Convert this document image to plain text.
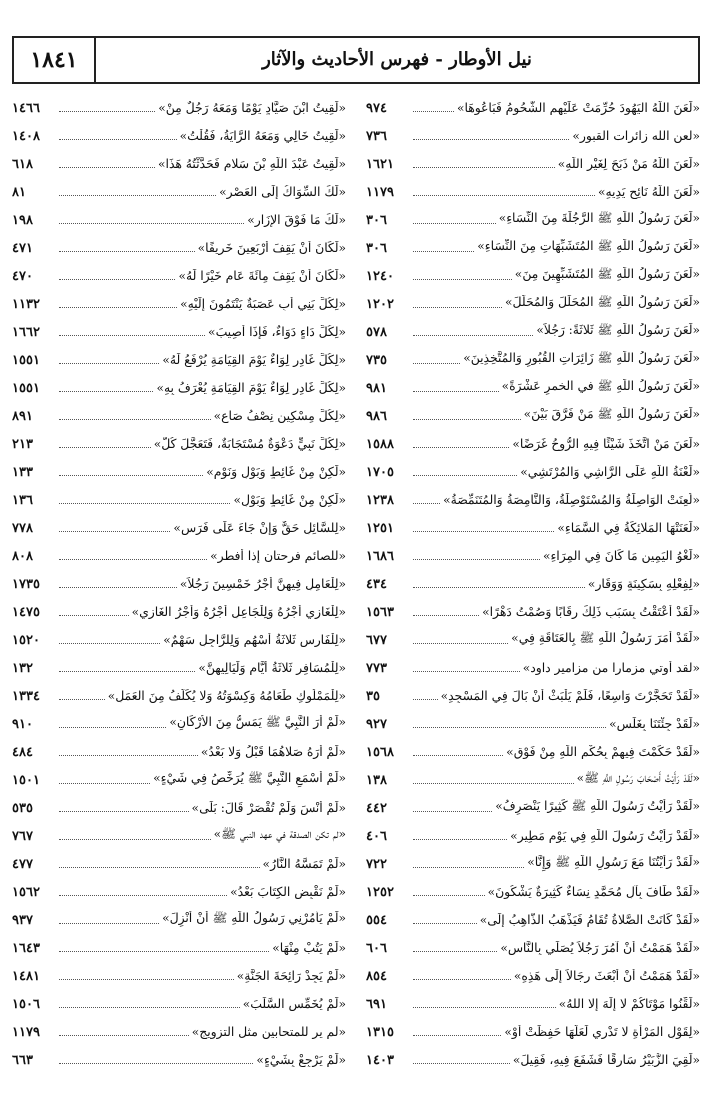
نيل الأوطار - فهرس الأحاديث والآثار
١٨٤١
«لَعَنَ اللَّهُ اليَهُودَ حُرِّمَتْ عَلَيْهِم الشُّحُومُ فَبَاعُوهَا»
٩٧٤
«لعن الله زائرات القبور»
٧٣٦
«لَعَنَ اللَّهُ مَنْ ذَبَحَ لِغَيْرِ اللَّهِ»
١٦٢١
«لَعَنَ اللَّهُ نَائِحٍ يَدِيهِ»
١١٧٩
«لَعَنَ رَسُولُ اللَّهِ ﷺ الرَّجُلَةَ مِنَ النِّسَاءِ»
٣٠٦
«لَعَنَ رَسُولُ اللَّهِ ﷺ المُتَشَبِّهَاتِ مِنَ النِّسَاءِ»
٣٠٦
«لَعَنَ رَسُولُ اللَّهِ ﷺ المُتَشَبِّهِينَ مِنَ»
١٢٤٠
«لَعَنَ رَسُولُ اللَّهِ ﷺ المُحَلِّلَ وَالمُحَلَّلَ»
١٢٠٢
«لَعَنَ رَسُولُ اللَّهِ ﷺ ثَلاثَةً: رَجُلاً»
٥٧٨
«لَعَنَ رَسُولُ اللَّهِ ﷺ زَائِرَاتِ القُبُورِ وَالمُتَّخِذِينَ»
٧٣٥
«لَعَنَ رَسُولُ اللَّهِ ﷺ في الخمرِ عَشْرَةً»
٩٨١
«لَعَنَ رَسُولُ اللَّهِ ﷺ مَنْ فَرَّقَ بَيْنَ»
٩٨٦
«لَعَنَ مَنْ اتَّخَذَ شَيْئًا فِيهِ الرُّوحُ غَرَضًا»
١٥٨٨
«لَعْنَةُ اللَّهِ عَلَى الرَّاشِي وَالمُرْتَشِي»
١٧٠٥
«لُعِنَتْ الوَاصِلَةُ وَالمُسْتَوْصِلَةُ، وَالنَّامِصَةُ وَالمُتَنَمِّصَةُ»
١٢٣٨
«لَعَنَتْهَا المَلائِكَةُ فِي السَّمَاءِ»
١٢٥١
«لَغْوُ اليَمِينِ مَا كَانَ فِي المِرَاءِ»
١٦٨٦
«لِفِعْلِهِ بِسَكِينَةٍ وَوَقَارٍ»
٤٣٤
«لَقَدْ أَعْتَقْتُ بِسَبَبِ ذَلِكَ رِقَابًا وَصُمْتُ دَهْرًا»
١٥٦٣
«لَقَدْ أَمَرَ رَسُولُ اللَّهِ ﷺ بِالعَتَاقَةِ فِي»
٦٧٧
«لقد أوتي مزمارا من مزامير داود»
٧٧٣
«لَقَدْ تَحَجَّرْتَ وَاسِعًا، فَلَمْ يَلْبَثْ أَنْ بَالَ فِي المَسْجِدِ»
٣٥
«لَقَدْ جِئْتَنَا بِغَلَسٍ»
٩٢٧
«لَقَدْ حَكَمْتَ فِيهِمْ بِحُكْمِ اللَّهِ مِنْ فَوْقِ»
١٥٦٨
«لَقَدْ رَأَيْتُ أَصْحَابَ رَسُولِ اللَّهِ ﷺ»
١٣٨
«لَقَدْ رَأَيْتُ رَسُولَ اللَّهِ ﷺ كَثِيرًا يَنْصَرِفُ»
٤٤٢
«لَقَدْ رَأَيْتُ رَسُولَ اللَّهِ فِي يَوْمٍ مَطِيرٍ»
٤٠٦
«لَقَدْ رَأَيْتُنَا مَعَ رَسُولِ اللَّهِ ﷺ وَإِنَّا»
٧٢٢
«لَقَدْ طَافَ بِآلِ مُحَمَّدٍ نِسَاءٌ كَثِيرَةٌ يَشْكُونَ»
١٢٥٢
«لَقَدْ كَانَتْ الصَّلاةُ تُقَامُ فَيَذْهَبُ الذَّاهِبُ إِلَى»
٥٥٤
«لَقَدْ هَمَمْتُ أَنْ آمُرَ رَجُلاً يُصَلِّي بِالنَّاسِ»
٦٠٦
«لَقَدْ هَمَمْتُ أَنْ أَبْعَثَ رِجَالاً إِلَى هَذِهِ»
٨٥٤
«لَقِّنُوا مَوْتَاكُمْ لا إِلَهَ إِلا اللهُ»
٦٩١
«لِقَوْلِ المَرْأَةِ لا تَدْرِي لَعَلَّهَا حَفِظَتْ أَوْ»
١٣١٥
«لَقِيَ الزُّبَيْرُ سَارِقًا فَشَفَعَ فِيهِ، فَقِيلَ»
١٤٠٣
«لَقِيتُ ابْنَ صَيَّادٍ يَوْمًا وَمَعَهُ رَجُلٌ مِنْ»
١٤٦٦
«لَقِيتُ خَالِي وَمَعَهُ الرَّايَةُ، فَقُلْتُ»
١٤٠٨
«لَقِيتُ عَبْدَ اللَّهِ بْنَ سَلامٍ فَحَدَّثْتُهُ هَذَا»
٦١٨
«لَكَ السِّوَاكُ إِلَى العَصْرِ»
٨١
«لَكَ مَا فَوْقَ الإِزَارِ»
١٩٨
«لَكَانَ أَنْ يَقِفَ أَرْبَعِينَ خَرِيفًا»
٤٧١
«لَكَانَ أَنْ يَقِفَ مِائَةَ عَامٍ خَيْرًا لَهُ»
٤٧٠
«لِكُلِّ بَنِي أَبٍ عَصَبَةٌ يَنْتَمُونَ إِلَيْهِ»
١١٣٢
«لِكُلِّ دَاءٍ دَوَاءٌ، فَإِذَا أُصِيبَ»
١٦٦٢
«لِكُلِّ غَادِرٍ لِوَاءٌ يَوْمَ القِيَامَةِ يُرْفَعُ لَهُ»
١٥٥١
«لِكُلِّ غَادِرٍ لِوَاءٌ يَوْمَ القِيَامَةِ يُعْرَفُ بِهِ»
١٥٥١
«لِكُلِّ مِسْكِينٍ نِصْفُ صَاعٍ»
٨٩١
«لِكُلِّ نَبِيٍّ دَعْوَةٌ مُسْتَجَابَةٌ، فَتَعَجَّلَ كُلُّ»
٢١٣
«لَكِنْ مِنْ غَائِطٍ وَبَوْلٍ وَنَوْمٍ»
١٣٣
«لَكِنْ مِنْ غَائِطٍ وَبَوْلٍ»
١٣٦
«لِلسَّائِلِ حَقٌّ وَإِنْ جَاءَ عَلَى فَرَسٍ»
٧٧٨
«للصائم فرحتان إذا أفطر»
٨٠٨
«لِلْعَامِلِ فِيهِنَّ أَجْرُ خَمْسِينَ رَجُلاً»
١٧٣٥
«لِلْغَازِي أَجْرُهُ وَلِلْجَاعِلِ أَجْرُهُ وَأَجْرُ الغَازِي»
١٤٧٥
«لِلْفَارِسِ ثَلاثَةُ أَسْهُمٍ وَلِلرَّاجِلِ سَهْمٌ»
١٥٢٠
«لِلْمُسَافِرِ ثَلاثَةُ أَيَّامٍ وَلَيَالِيهِنَّ»
١٣٢
«لِلْمَمْلُوكِ طَعَامُهُ وَكِسْوَتُهُ وَلا يُكَلَّفُ مِنَ العَمَلِ»
١٣٣٤
«لَمْ أَرَ النَّبِيَّ ﷺ يَمَسُّ مِنَ الأَرْكَانِ»
٩١٠
«لَمْ أَرَهُ صَلاهُمَا قَبْلُ وَلا بَعْدُ»
٤٨٤
«لَمْ أَسْمَعِ النَّبِيَّ ﷺ يُرَخِّصُ فِي شَيْءٍ»
١٥٠١
«لَمْ أَنْسَ وَلَمْ تُقْصَرْ قَالَ: بَلَى»
٥٣٥
«لم تكن الصدقة في عهد النبي ﷺ»
٧٦٧
«لَمْ تَمَسَّهُ النَّارُ»
٤٧٧
«لَمْ نَقْبِضِ الكِتَابَ بَعْدُ»
١٥٦٢
«لَمْ يَأْمُرْنِي رَسُولُ اللَّهِ ﷺ أَنْ أَنْزِلَ»
٩٣٧
«لَمْ يَتُبْ مِنْهَا»
١٦٤٣
«لَمْ يَجِدْ رَائِحَةَ الجَنَّةِ»
١٤٨١
«لَمْ يُخَمِّسِ السَّلَبَ»
١٥٠٦
«لم ير للمتحابين مثل التزويج»
١١٧٩
«لَمْ يَرْجِعْ بِشَيْءٍ»
٦٦٣
